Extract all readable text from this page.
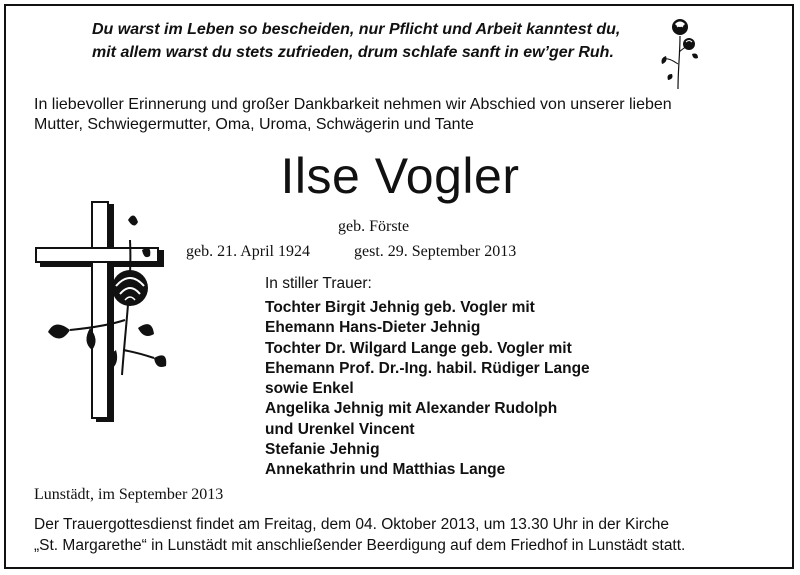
Du warst im Leben so bescheiden, nur Pflicht und Arbeit kanntest du,
mit allem warst du stets zufrieden, drum schlafe sanft in ew’ger Ruh.
In liebevoller Erinnerung und großer Dankbarkeit nehmen wir Abschied von unserer lieben
Mutter, Schwiegermutter, Oma, Uroma, Schwägerin und Tante
Ilse Vogler
geb. Förste
geb. 21. April 1924	gest. 29. September 2013
In stiller Trauer:
Tochter Birgit Jehnig geb. Vogler mit
Ehemann Hans-Dieter Jehnig
Tochter Dr. Wilgard Lange geb. Vogler mit
Ehemann Prof. Dr.-Ing. habil. Rüdiger Lange
sowie Enkel
Angelika Jehnig mit Alexander Rudolph
und Urenkel Vincent
Stefanie Jehnig
Annekathrin und Matthias Lange
Lunstädt, im September 2013
Der Trauergottesdienst findet am Freitag, dem 04. Oktober 2013, um 13.30 Uhr in der Kirche
„St. Margarethe“ in Lunstädt mit anschließender Beerdigung auf dem Friedhof in Lunstädt statt.
